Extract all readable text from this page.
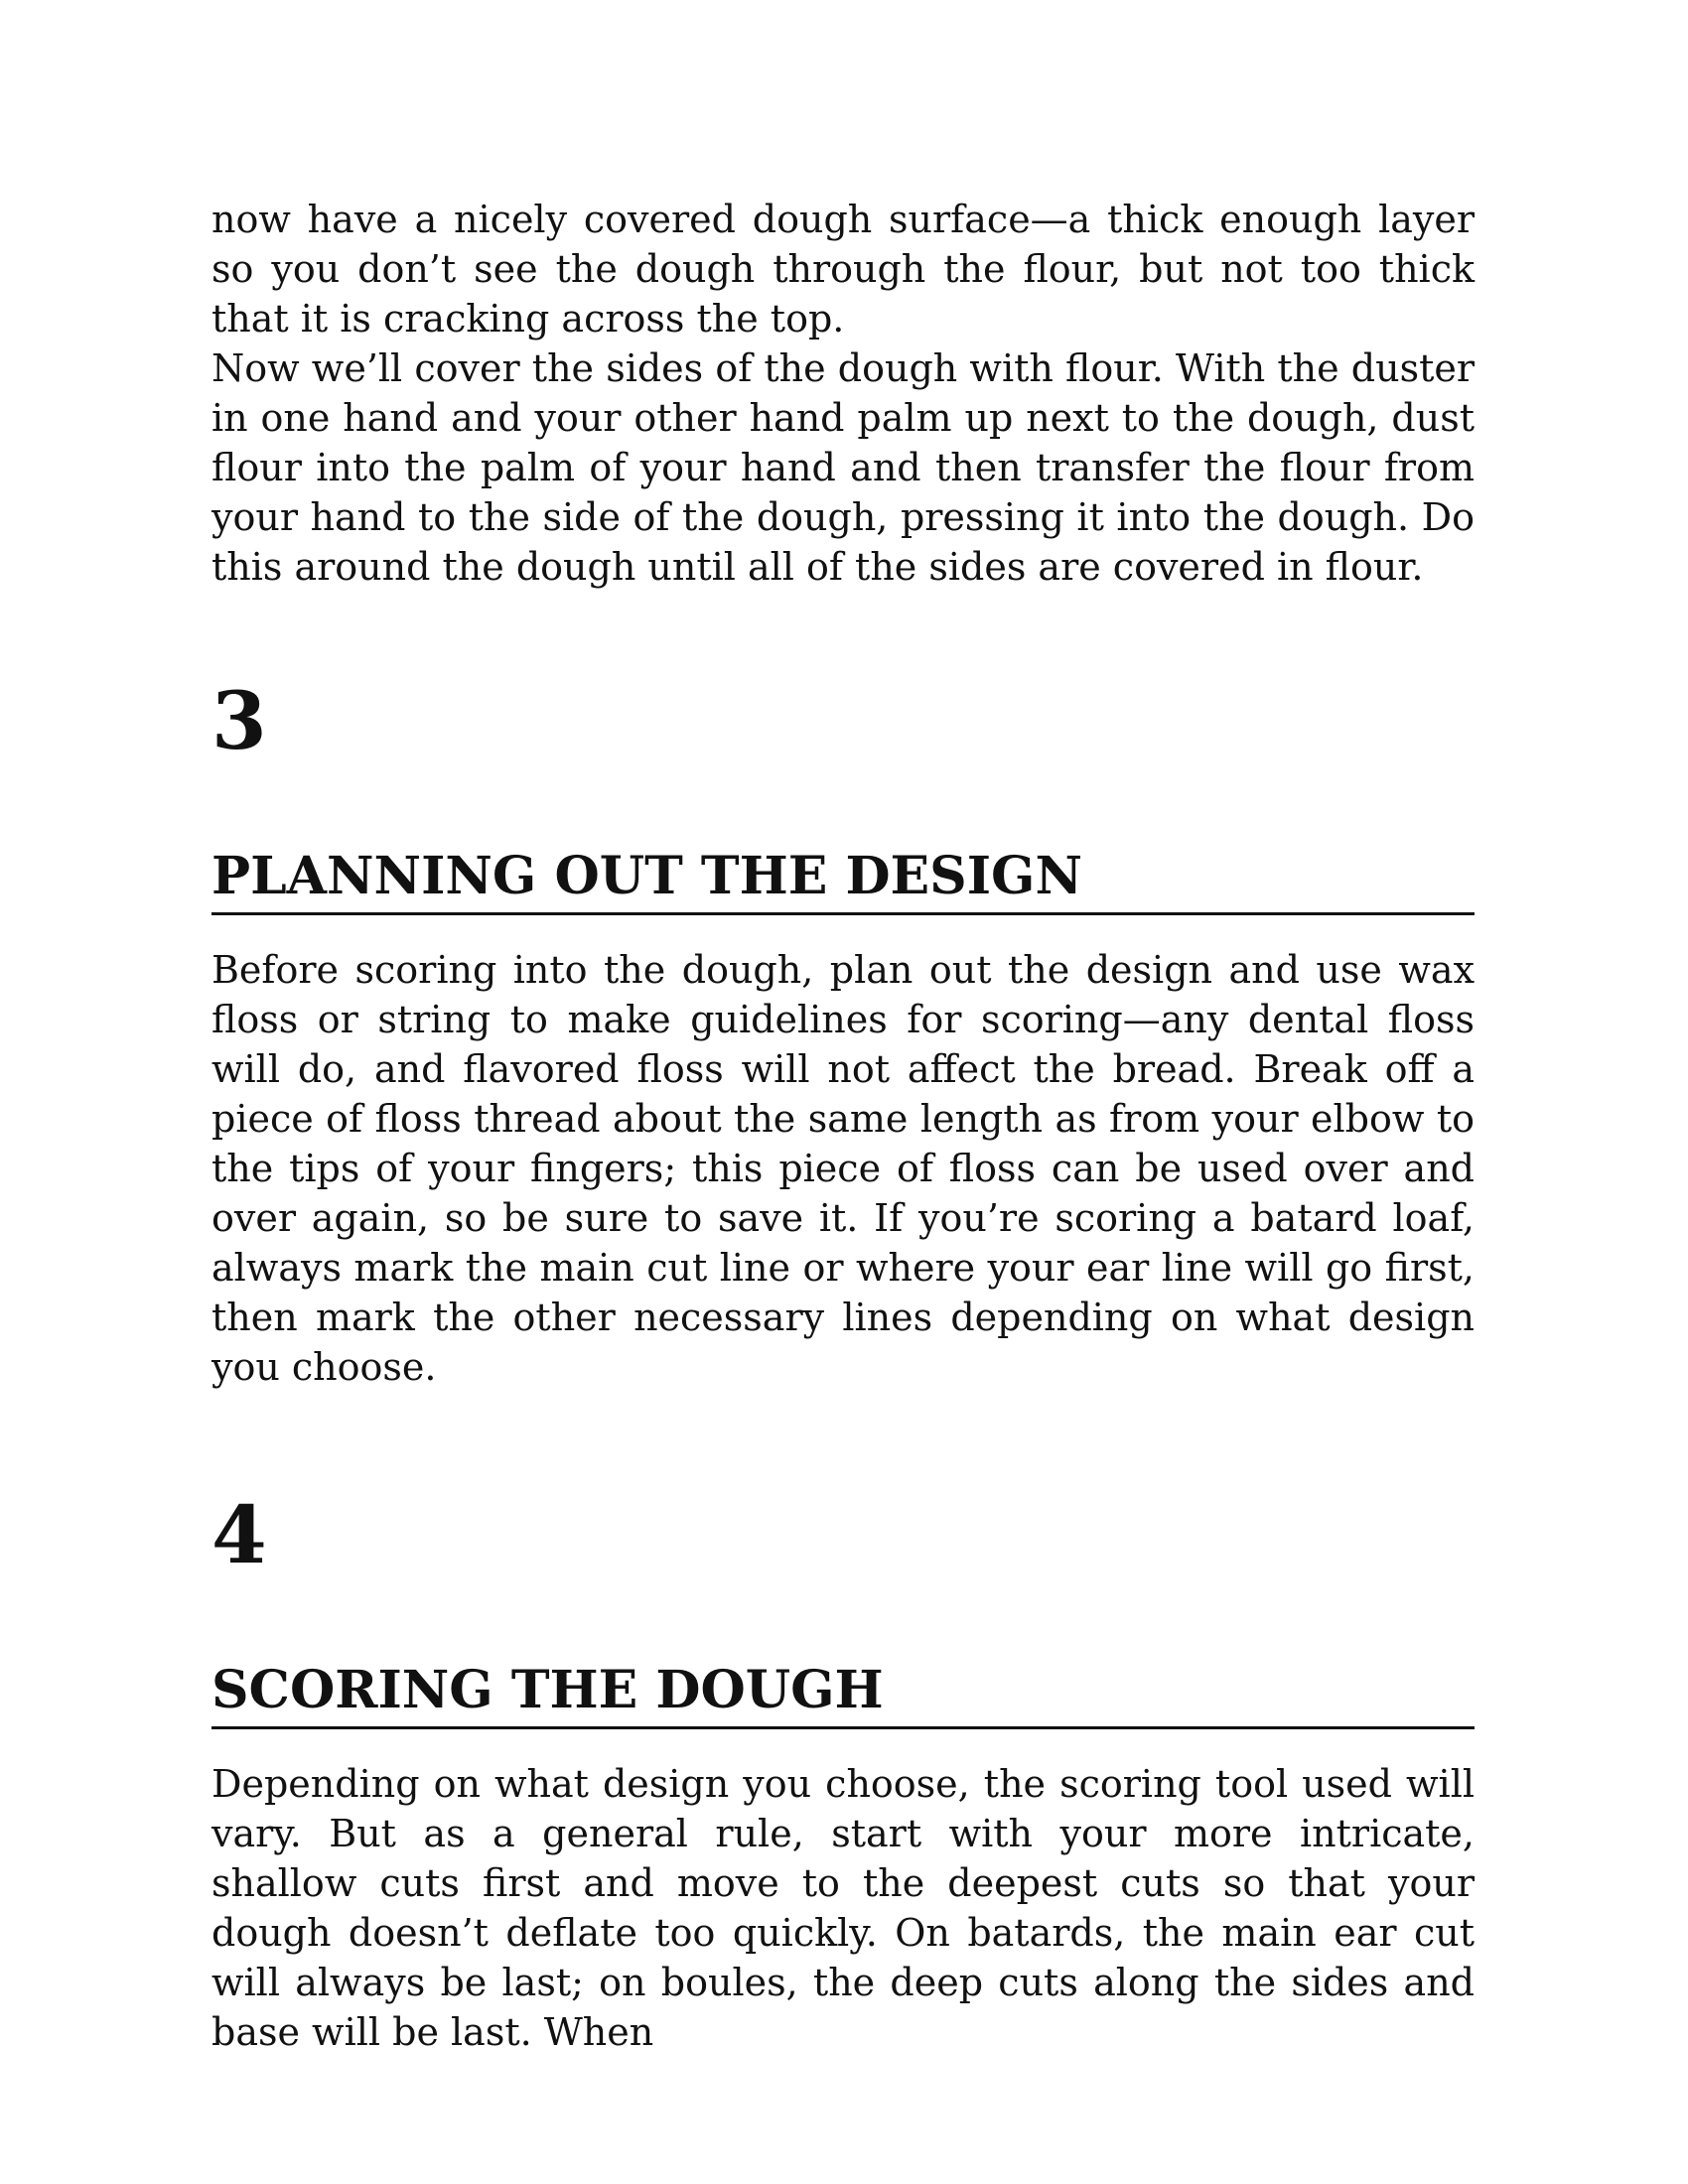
now have a nicely covered dough surface—a thick enough layer so you don’t see the dough through the flour, but not too thick that it is cracking across the top.

Now we’ll cover the sides of the dough with flour. With the duster in one hand and your other hand palm up next to the dough, dust flour into the palm of your hand and then transfer the flour from your hand to the side of the dough, pressing it into the dough. Do this around the dough until all of the sides are covered in flour.

3
PLANNING OUT THE DESIGN

Before scoring into the dough, plan out the design and use wax floss or string to make guidelines for scoring—any dental floss will do, and flavored floss will not affect the bread. Break off a piece of floss thread about the same length as from your elbow to the tips of your fingers; this piece of floss can be used over and over again, so be sure to save it. If you’re scoring a batard loaf, always mark the main cut line or where your ear line will go first, then mark the other necessary lines depending on what design you choose.

4
SCORING THE DOUGH

Depending on what design you choose, the scoring tool used will vary. But as a general rule, start with your more intricate, shallow cuts first and move to the deepest cuts so that your dough doesn’t deflate too quickly. On batards, the main ear cut will always be last; on boules, the deep cuts along the sides and base will be last. When
